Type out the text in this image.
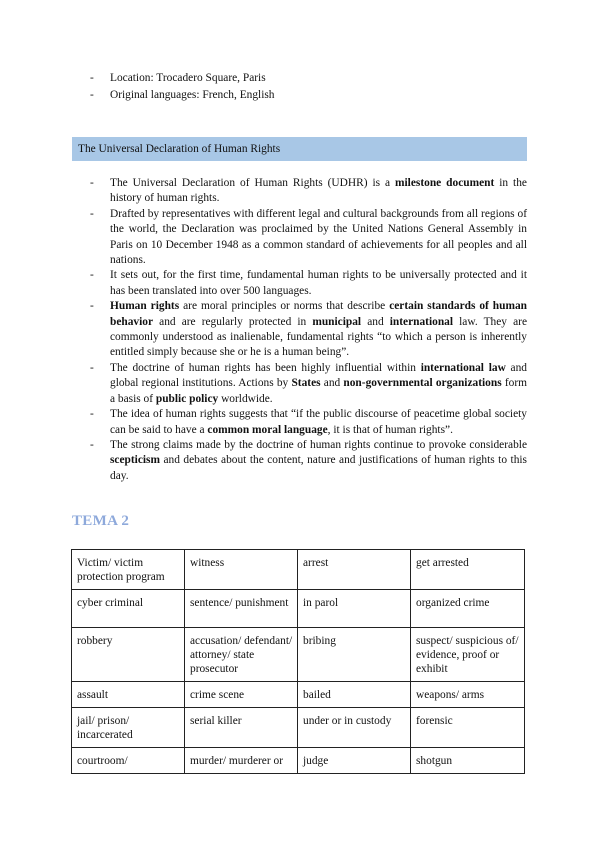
- Location: Trocadero Square, Paris
- Original languages: French, English
The Universal Declaration of Human Rights
- The Universal Declaration of Human Rights (UDHR) is a milestone document in the history of human rights.
- Drafted by representatives with different legal and cultural backgrounds from all regions of the world, the Declaration was proclaimed by the United Nations General Assembly in Paris on 10 December 1948 as a common standard of achievements for all peoples and all nations.
- It sets out, for the first time, fundamental human rights to be universally protected and it has been translated into over 500 languages.
- Human rights are moral principles or norms that describe certain standards of human behavior and are regularly protected in municipal and international law. They are commonly understood as inalienable, fundamental rights “to which a person is inherently entitled simply because she or he is a human being”.
- The doctrine of human rights has been highly influential within international law and global regional institutions. Actions by States and non-governmental organizations form a basis of public policy worldwide.
- The idea of human rights suggests that “if the public discourse of peacetime global society can be said to have a common moral language, it is that of human rights”.
- The strong claims made by the doctrine of human rights continue to provoke considerable scepticism and debates about the content, nature and justifications of human rights to this day.
TEMA 2
Victim/ victim protection program	witness	arrest	get arrested
cyber criminal	sentence/ punishment	in parol	organized crime
robbery	accusation/ defendant/ attorney/ state prosecutor	bribing	suspect/ suspicious of/ evidence, proof or exhibit
assault	crime scene	bailed	weapons/ arms
jail/ prison/ incarcerated	serial killer	under or in custody	forensic
courtroom/	murder/ murderer or	judge	shotgun
